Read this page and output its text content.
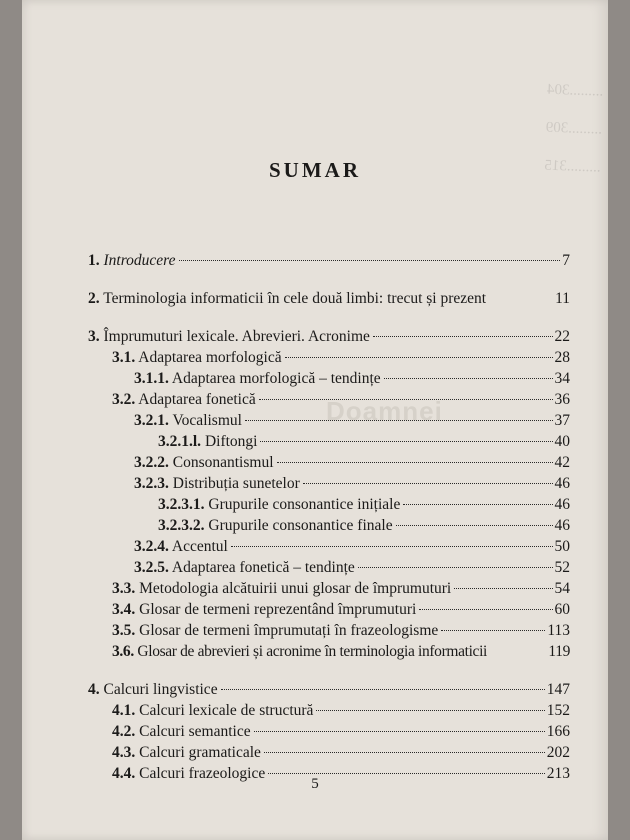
.........304
.........309
.........315
Doamnei
SUMAR
1. Introducere	7
2. Terminologia informaticii în cele două limbi: trecut și prezent	11
3. Împrumuturi lexicale. Abrevieri. Acronime	22
3.1. Adaptarea morfologică	28
3.1.1. Adaptarea morfologică – tendințe	34
3.2. Adaptarea fonetică	36
3.2.1. Vocalismul	37
3.2.1.l. Diftongi	40
3.2.2. Consonantismul	42
3.2.3. Distribuția sunetelor	46
3.2.3.1. Grupurile consonantice inițiale	46
3.2.3.2. Grupurile consonantice finale	46
3.2.4. Accentul	50
3.2.5. Adaptarea fonetică – tendințe	52
3.3. Metodologia alcătuirii unui glosar de împrumuturi	54
3.4. Glosar de termeni reprezentând împrumuturi	60
3.5. Glosar de termeni împrumutați în frazeologisme	113
3.6. Glosar de abrevieri și acronime în terminologia informaticii	119
4. Calcuri lingvistice	147
4.1. Calcuri lexicale de structură	152
4.2. Calcuri semantice	166
4.3. Calcuri gramaticale	202
4.4. Calcuri frazeologice	213
5
